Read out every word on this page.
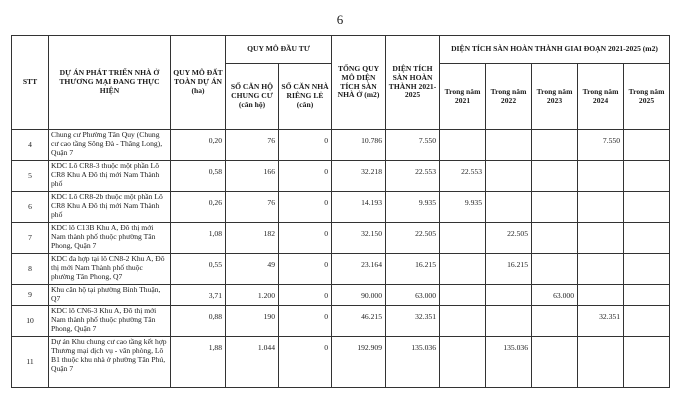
6
STT	DỰ ÁN PHÁT TRIỂN NHÀ Ở THƯƠNG MẠI ĐANG THỰC HIỆN	QUY MÔ ĐẤT TOÀN DỰ ÁN (ha)	QUY MÔ ĐẦU TƯ		TỔNG QUY MÔ DIỆN TÍCH SÀN NHÀ Ở (m2)	DIỆN TÍCH SÀN HOÀN THÀNH 2021-2025	DIỆN TÍCH SÀN HOÀN THÀNH GIAI ĐOẠN 2021-2025 (m2)				
			SỐ CĂN HỘ CHUNG CƯ (căn hộ)	SỐ CĂN NHÀ RIÊNG LẺ (căn)			Trong năm 2021	Trong năm 2022	Trong năm 2023	Trong năm 2024	Trong năm 2025
4	Chung cư Phường Tân Quy (Chung cư cao tầng Sông Đà - Thăng Long), Quận 7	0,20	76	0	10.786	7.550				7.550	
5	KDC Lô CR8-3 thuộc một phần Lô CR8 Khu A Đô thị mới Nam Thành phố	0,58	166	0	32.218	22.553	22.553				
6	KDC Lô CR8-2b thuộc một phần Lô CR8 Khu A Đô thị mới Nam Thành phố	0,26	76	0	14.193	9.935	9.935				
7	KDC lô C13B Khu A, Đô thị mới Nam thành phố thuộc phường Tân Phong, Quận 7	1,08	182	0	32.150	22.505		22.505			
8	KDC đa hợp tại lô CN8-2 Khu A, Đô thị mới Nam Thành phố thuộc phường Tân Phong, Q7	0,55	49	0	23.164	16.215		16.215			
9	Khu căn hộ tại phường Bình Thuận, Q7	3,71	1.200	0	90.000	63.000			63.000		
10	KDC lô CN6-3 Khu A, Đô thị mới Nam thành phố thuộc phường Tân Phong, Quận 7	0,88	190	0	46.215	32.351				32.351	
11	Dự án Khu chung cư cao tầng kết hợp Thương mại dịch vụ - văn phòng, Lô B1 thuộc khu nhà ở phường Tân Phú, Quận 7	1,88	1.044	0	192.909	135.036		135.036			
